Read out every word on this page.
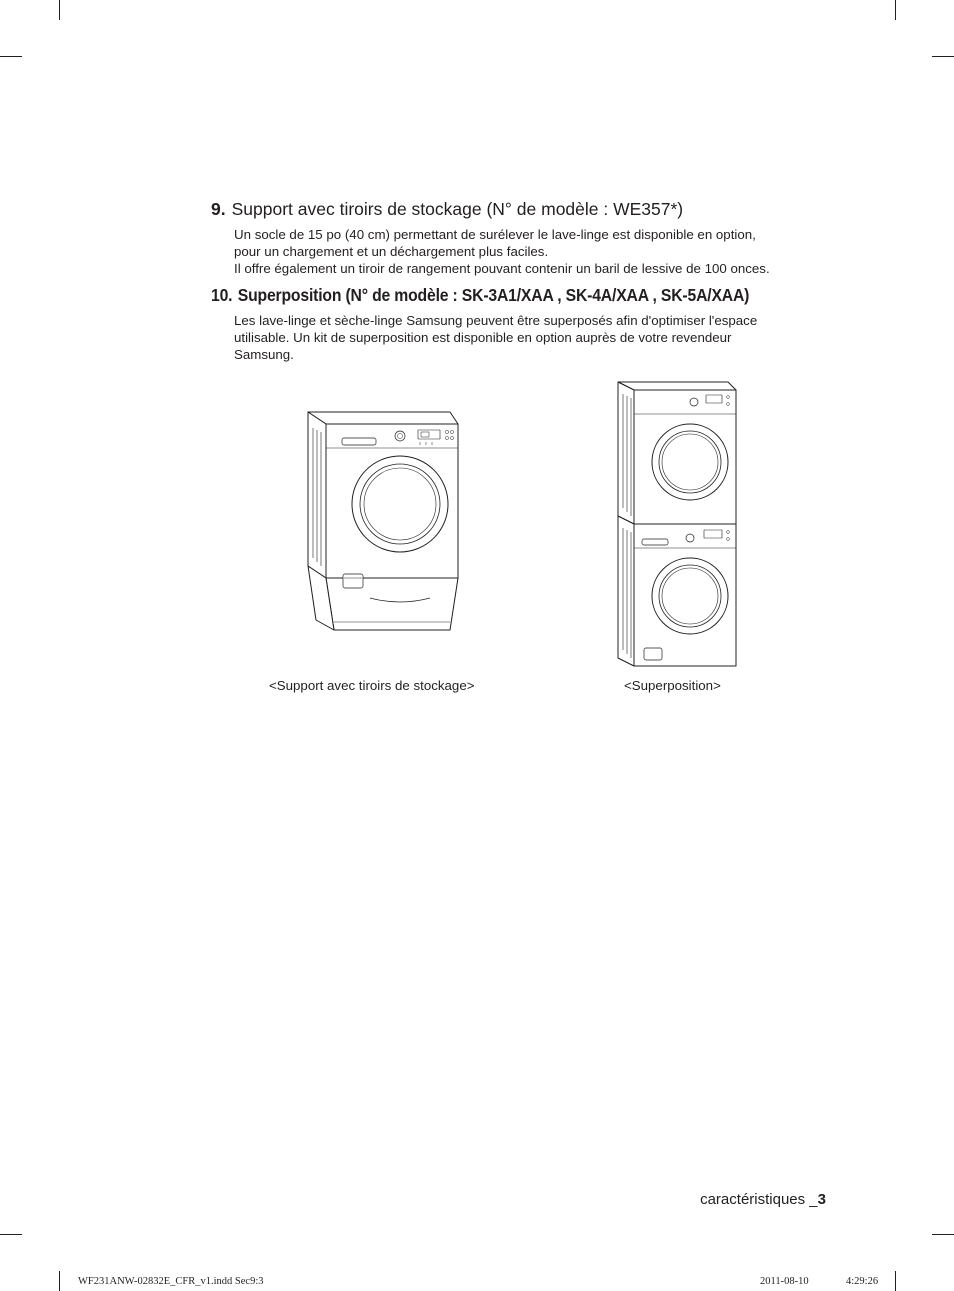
9. Support avec tiroirs de stockage (N° de modèle : WE357*)
Un socle de 15 po (40 cm) permettant de surélever le lave-linge est disponible en option,
pour un chargement et un déchargement plus faciles.
Il offre également un tiroir de rangement pouvant contenir un baril de lessive de 100 onces.
10. Superposition (N° de modèle : SK-3A1/XAA , SK-4A/XAA , SK-5A/XAA)
Les lave-linge et sèche-linge Samsung peuvent être superposés afin d'optimiser l'espace
utilisable. Un kit de superposition est disponible en option auprès de votre revendeur
Samsung.
<Support avec tiroirs de stockage>	<Superposition>
caractéristiques _3
WF231ANW-02832E_CFR_v1.indd Sec9:3	2011-08-10	4:29:26
